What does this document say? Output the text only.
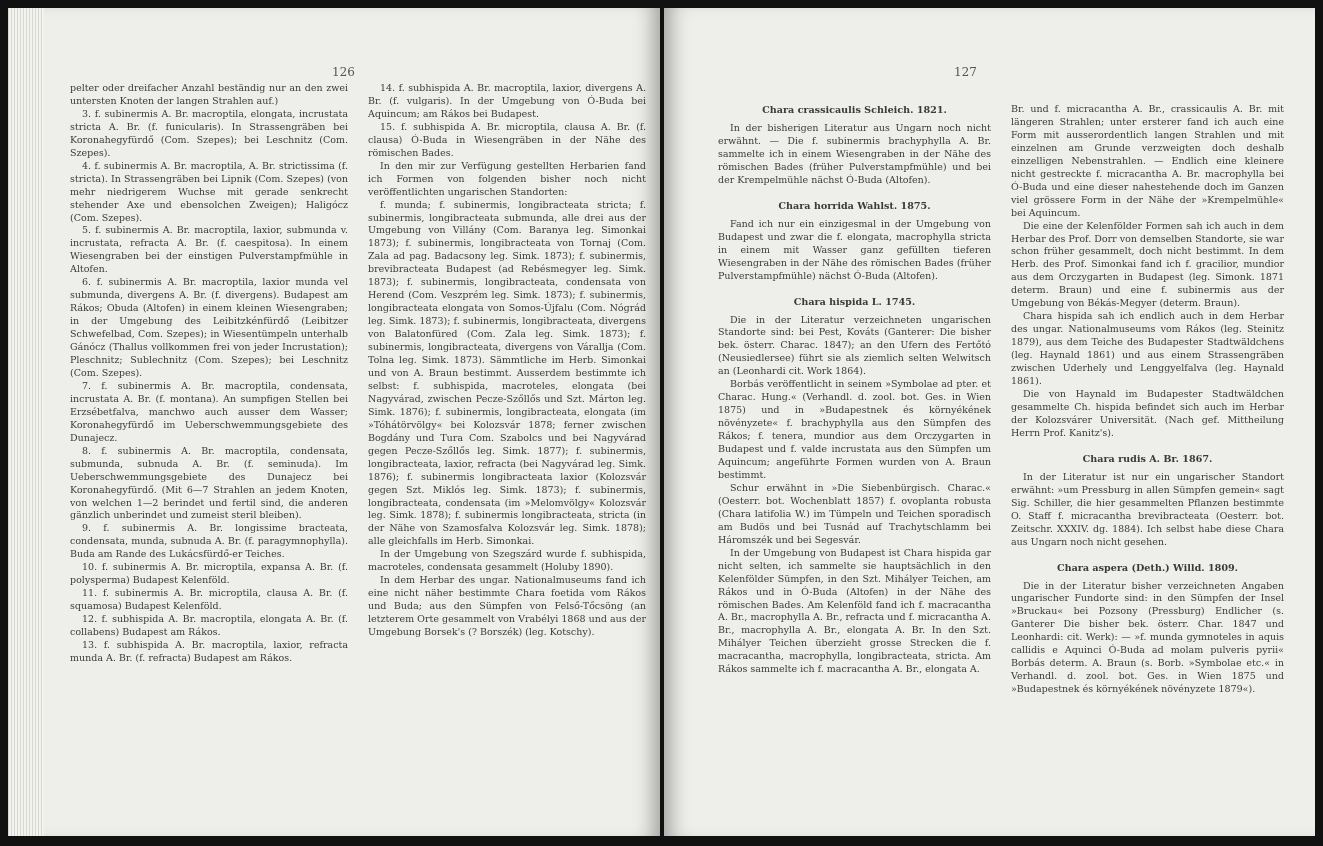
126

pelter oder dreifacher Anzahl beständig nur an den zwei untersten Knoten der langen Strahlen auf.)

3. f. subinermis A. Br. macroptila, elongata, incrustata stricta A. Br. (f. funicularis). In Strassengräben bei Koronahegyfürdő (Com. Szepes); bei Leschnitz (Com. Szepes).

4. f. subinermis A. Br. macroptila, A. Br. strictissima (f. stricta). In Strassengräben bei Lipnik (Com. Szepes) (von mehr niedrigerem Wuchse mit gerade senkrecht stehender Axe und ebensolchen Zweigen); Haligócz (Com. Szepes).

5. f. subinermis A. Br. macroptila, laxior, submunda v. incrustata, refracta A. Br. (f. caespitosa). In einem Wiesengraben bei der einstigen Pulverstampfmühle in Altofen.

6. f. subinermis A. Br. macroptila, laxior munda vel submunda, divergens A. Br. (f. divergens). Budapest am Rákos; Obuda (Altofen) in einem kleinen Wiesengraben; in der Umgebung des Leibitzkénfürdő (Leibitzer Schwefelbad, Com. Szepes); in Wiesentümpeln unterhalb Gánócz (Thallus vollkommen frei von jeder Incrustation); Pleschnitz; Sublechnitz (Com. Szepes); bei Leschnitz (Com. Szepes).

7. f. subinermis A. Br. macroptila, condensata, incrustata A. Br. (f. montana). An sumpfigen Stellen bei Erzsébetfalva, manchwo auch ausser dem Wasser; Koronahegyfürdő im Ueberschwemmungsgebiete des Dunajecz.

8. f. subinermis A. Br. macroptila, condensata, submunda, subnuda A. Br. (f. seminuda). Im Ueberschwemmungsgebiete des Dunajecz bei Koronahegyfürdő. (Mit 6—7 Strahlen an jedem Knoten, von welchen 1—2 berindet und fertil sind, die anderen gänzlich unberindet und zumeist steril bleiben).

9. f. subinermis A. Br. longissime bracteata, condensata, munda, subnuda A. Br. (f. paragymnophylla). Buda am Rande des Lukácsfürdő-er Teiches.

10. f. subinermis A. Br. microptila, expansa A. Br. (f. polysperma) Budapest Kelenföld.

11. f. subinermis A. Br. microptila, clausa A. Br. (f. squamosa) Budapest Kelenföld.

12. f. subhispida A. Br. macroptila, elongata A. Br. (f. collabens) Budapest am Rákos.

13. f. subhispida A. Br. macroptila, laxior, refracta munda A. Br. (f. refracta) Budapest am Rákos.

14. f. subhispida A. Br. macroptila, laxior, divergens A. Br. (f. vulgaris). In der Umgebung von Ó-Buda bei Aquincum; am Rákos bei Budapest.

15. f. subhispida A. Br. microptila, clausa A. Br. (f. clausa) Ó-Buda in Wiesengräben in der Nähe des römischen Bades.

In den mir zur Verfügung gestellten Herbarien fand ich Formen von folgenden bisher noch nicht veröffentlichten ungarischen Standorten:

f. munda; f. subinermis, longibracteata stricta; f. subinermis, longibracteata submunda, alle drei aus der Umgebung von Villány (Com. Baranya leg. Simonkai 1873); f. subinermis, longibracteata von Tornaj (Com. Zala ad pag. Badacsony leg. Simk. 1873); f. subinermis, brevibracteata Budapest (ad Rebésmegyer leg. Simk. 1873); f. subinermis, longibracteata, condensata von Herend (Com. Veszprém leg. Simk. 1873); f. subinermis, longibracteata elongata von Somos-Újfalu (Com. Nógrád leg. Simk. 1873); f. subinermis, longibracteata, divergens von Balatonfüred (Com. Zala leg. Simk. 1873); f. subinermis, longibracteata, divergens von Várallja (Com. Tolna leg. Simk. 1873). Sämmtliche im Herb. Simonkai und von A. Braun bestimmt. Ausserdem bestimmte ich selbst: f. subhispida, macroteles, elongata (bei Nagyvárad, zwischen Pecze-Szőllős und Szt. Márton leg. Simk. 1876); f. subinermis, longibracteata, elongata (im »Tóhátörvölgy« bei Kolozsvár 1878; ferner zwischen Bogdány und Tura Com. Szabolcs und bei Nagyvárad gegen Pecze-Szőllős leg. Simk. 1877); f. subinermis, longibracteata, laxior, refracta (bei Nagyvárad leg. Simk. 1876); f. subinermis longibracteata laxior (Kolozsvár gegen Szt. Miklós leg. Simk. 1873); f. subinermis, longibracteata, condensata (im »Melomvölgy« Kolozsvár leg. Simk. 1878); f. subinermis longibracteata, stricta (in der Nähe von Szamosfalva Kolozsvár leg. Simk. 1878); alle gleichfalls im Herb. Simonkai.

In der Umgebung von Szegszárd wurde f. subhispida, macroteles, condensata gesammelt (Holuby 1890).

In dem Herbar des ungar. Nationalmuseums fand ich eine nicht näher bestimmte Chara foetida vom Rákos und Buda; aus den Sümpfen von Felső-Tőcsöng (an letzterem Orte gesammelt von Vrabélyi 1868 und aus der Umgebung Borsek's (? Borszék) (leg. Kotschy).

127
Chara crassicaulis Schleich. 1821.

In der bisherigen Literatur aus Ungarn noch nicht erwähnt. — Die f. subinermis brachyphylla A. Br. sammelte ich in einem Wiesengraben in der Nähe des römischen Bades (früher Pulverstampfmühle) und bei der Krempelmühle nächst Ó-Buda (Altofen).

Chara horrida Wahlst. 1875.

Fand ich nur ein einzigesmal in der Umgebung von Budapest und zwar die f. elongata, macrophylla stricta in einem mit Wasser ganz gefüllten tieferen Wiesengraben in der Nähe des römischen Bades (früher Pulverstampfmühle) nächst Ó-Buda (Altofen).

Chara hispida L. 1745.

Die in der Literatur verzeichneten ungarischen Standorte sind: bei Pest, Kováts (Ganterer: Die bisher bek. österr. Charac. 1847); an den Ufern des Fertőtó (Neusiedlersee) führt sie als ziemlich selten Welwitsch an (Leonhardi cit. Work 1864).

Borbás veröffentlicht in seinem »Symbolae ad pter. et Charac. Hung.« (Verhandl. d. zool. bot. Ges. in Wien 1875) und in »Budapestnek és környékének növényzete« f. brachyphylla aus den Sümpfen des Rákos; f. tenera, mundior aus dem Orczygarten in Budapest und f. valde incrustata aus den Sümpfen um Aquincum; angeführte Formen wurden von A. Braun bestimmt.

Schur erwähnt in »Die Siebenbürgisch. Charac.« (Oesterr. bot. Wochenblatt 1857) f. ovoplanta robusta (Chara latifolia W.) im Tümpeln und Teichen sporadisch am Budös und bei Tusnád auf Trachytschlamm bei Háromszék und bei Segesvár.

In der Umgebung von Budapest ist Chara hispida gar nicht selten, ich sammelte sie hauptsächlich in den Kelenfölder Sümpfen, in den Szt. Mihályer Teichen, am Rákos und in Ó-Buda (Altofen) in der Nähe des römischen Bades. Am Kelenföld fand ich f. macracantha A. Br., macrophylla A. Br., refracta und f. micracantha A. Br., macrophylla A. Br., elongata A. Br. In den Szt. Mihályer Teichen überzieht grosse Strecken die f. macracantha, macrophylla, longibracteata, stricta. Am Rákos sammelte ich f. macracantha A. Br., elongata A.

Br. und f. micracantha A. Br., crassicaulis A. Br. mit längeren Strahlen; unter ersterer fand ich auch eine Form mit ausserordentlich langen Strahlen und mit einzelnen am Grunde verzweigten doch deshalb einzelligen Nebenstrahlen. — Endlich eine kleinere nicht gestreckte f. micracantha A. Br. macrophylla bei Ó-Buda und eine dieser nahestehende doch im Ganzen viel grössere Form in der Nähe der »Krempelmühle« bei Aquincum.

Die eine der Kelenfölder Formen sah ich auch in dem Herbar des Prof. Dorr von demselben Standorte, sie war schon früher gesammelt, doch nicht bestimmt. In dem Herb. des Prof. Simonkai fand ich f. gracilior, mundior aus dem Orczygarten in Budapest (leg. Simonk. 1871 determ. Braun) und eine f. subinermis aus der Umgebung von Békás-Megyer (determ. Braun).

Chara hispida sah ich endlich auch in dem Herbar des ungar. Nationalmuseums vom Rákos (leg. Steinitz 1879), aus dem Teiche des Budapester Stadtwäldchens (leg. Haynald 1861) und aus einem Strassengräben zwischen Uderhely und Lenggyelfalva (leg. Haynald 1861).

Die von Haynald im Budapester Stadtwäldchen gesammelte Ch. hispida befindet sich auch im Herbar der Kolozsvárer Universität. (Nach gef. Mittheilung Herrn Prof. Kanitz's).

Chara rudis A. Br. 1867.

In der Literatur ist nur ein ungarischer Standort erwähnt: »um Pressburg in allen Sümpfen gemein« sagt Sig. Schiller, die hier gesammelten Pflanzen bestimmte O. Staff f. micracantha brevibracteata (Oesterr. bot. Zeitschr. XXXIV. dg. 1884). Ich selbst habe diese Chara aus Ungarn noch nicht gesehen.

Chara aspera (Deth.) Willd. 1809.

Die in der Literatur bisher verzeichneten Angaben ungarischer Fundorte sind: in den Sümpfen der Insel »Bruckau« bei Pozsony (Pressburg) Endlicher (s. Ganterer Die bisher bek. österr. Char. 1847 und Leonhardi: cit. Werk): — »f. munda gymnoteles in aquis callidis e Aquinci Ó-Buda ad molam pulveris pyrii« Borbás determ. A. Braun (s. Borb. »Symbolae etc.« in Verhandl. d. zool. bot. Ges. in Wien 1875 und »Budapestnek és környékének növényzete 1879«).
